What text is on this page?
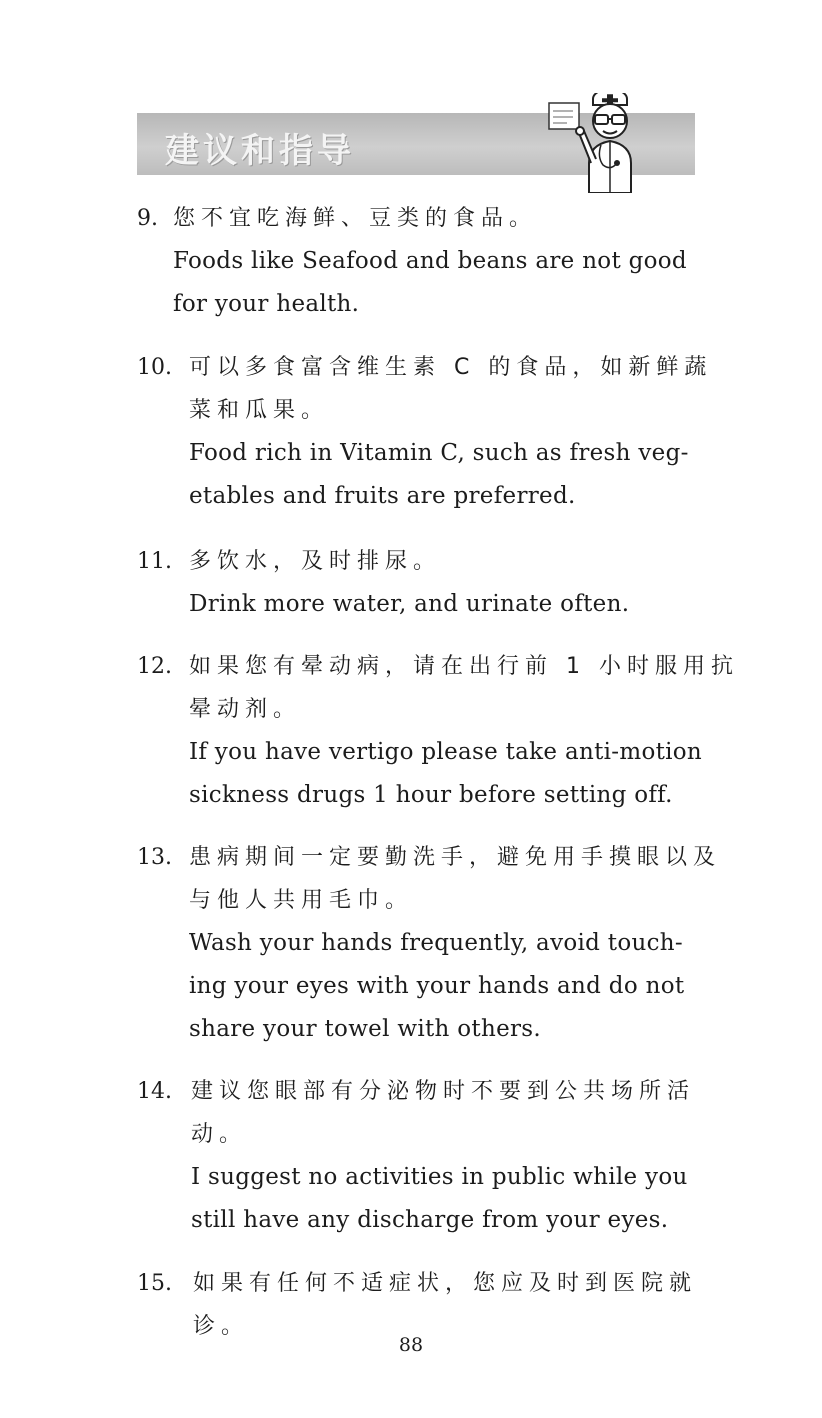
建议和指导
9. 您不宜吃海鲜、豆类的食品。
Foods like Seafood and beans are not good
for your health.
10. 可以多食富含维生素 C 的食品，如新鲜蔬
菜和瓜果。
Food rich in Vitamin C, such as fresh veg-
etables and fruits are preferred.
11. 多饮水，及时排尿。
Drink more water, and urinate often.
12. 如果您有晕动病，请在出行前 1 小时服用抗
晕动剂。
If you have vertigo please take anti-motion
sickness drugs 1 hour before setting off.
13. 患病期间一定要勤洗手，避免用手摸眼以及
与他人共用毛巾。
Wash your hands frequently, avoid touch-
ing your eyes with your hands and do not
share your towel with others.
14. 建议您眼部有分泌物时不要到公共场所活
动。
I suggest no activities in public while you
still have any discharge from your eyes.
15. 如果有任何不适症状，您应及时到医院就
诊。
88
